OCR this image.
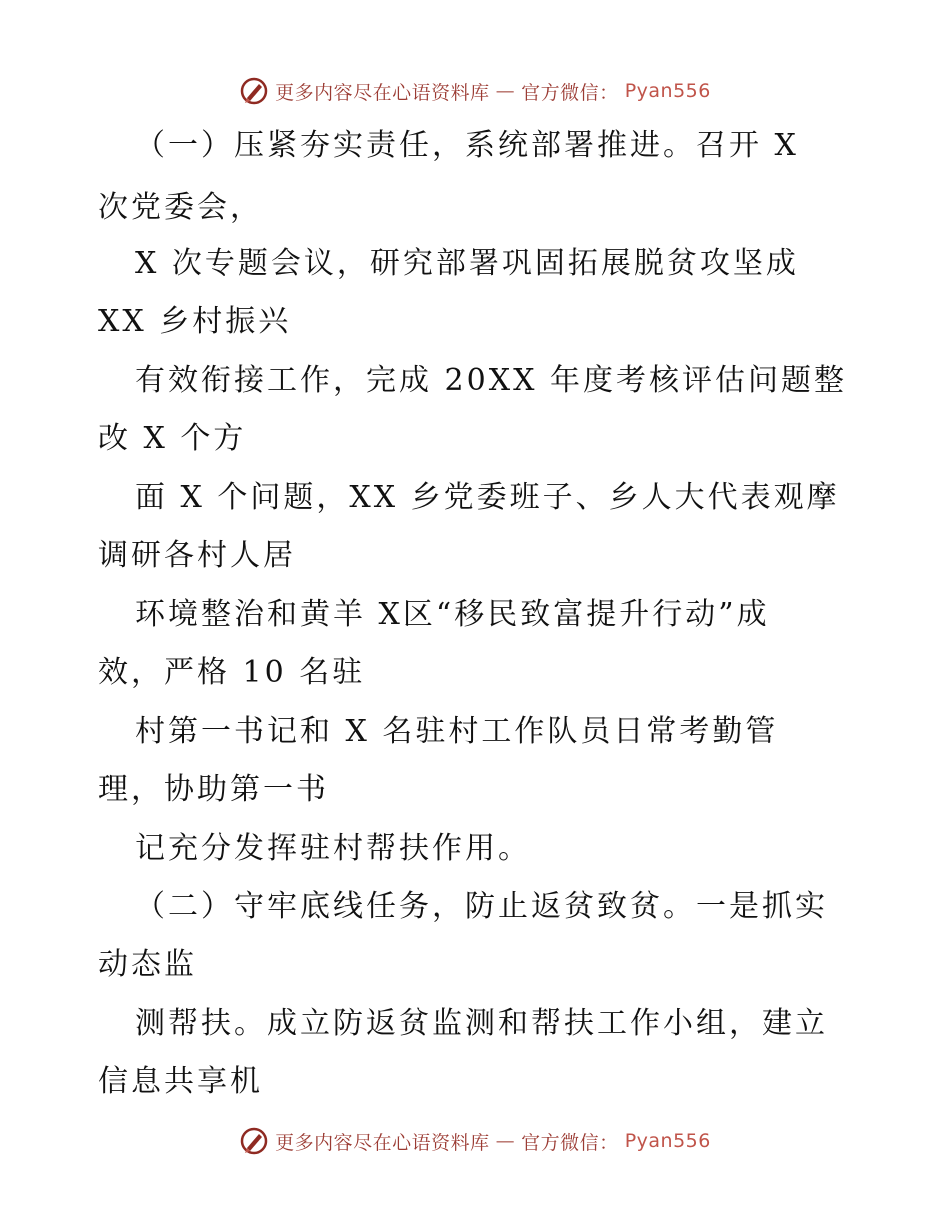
更多内容尽在心语资料库 — 官方微信： Pyan556
（一）压紧夯实责任，系统部署推进。召开 X
次党委会，
X 次专题会议，研究部署巩固拓展脱贫攻坚成
XX 乡村振兴
有效衔接工作，完成 20XX 年度考核评估问题整
改 X 个方
面 X 个问题，XX 乡党委班子、乡人大代表观摩
调研各村人居
环境整治和黄羊 X区“移民致富提升行动”成
效，严格 10 名驻
村第一书记和 X 名驻村工作队员日常考勤管
理，协助第一书
记充分发挥驻村帮扶作用。
（二）守牢底线任务，防止返贫致贫。一是抓实
动态监
测帮扶。成立防返贫监测和帮扶工作小组，建立
信息共享机
更多内容尽在心语资料库 — 官方微信： Pyan556
